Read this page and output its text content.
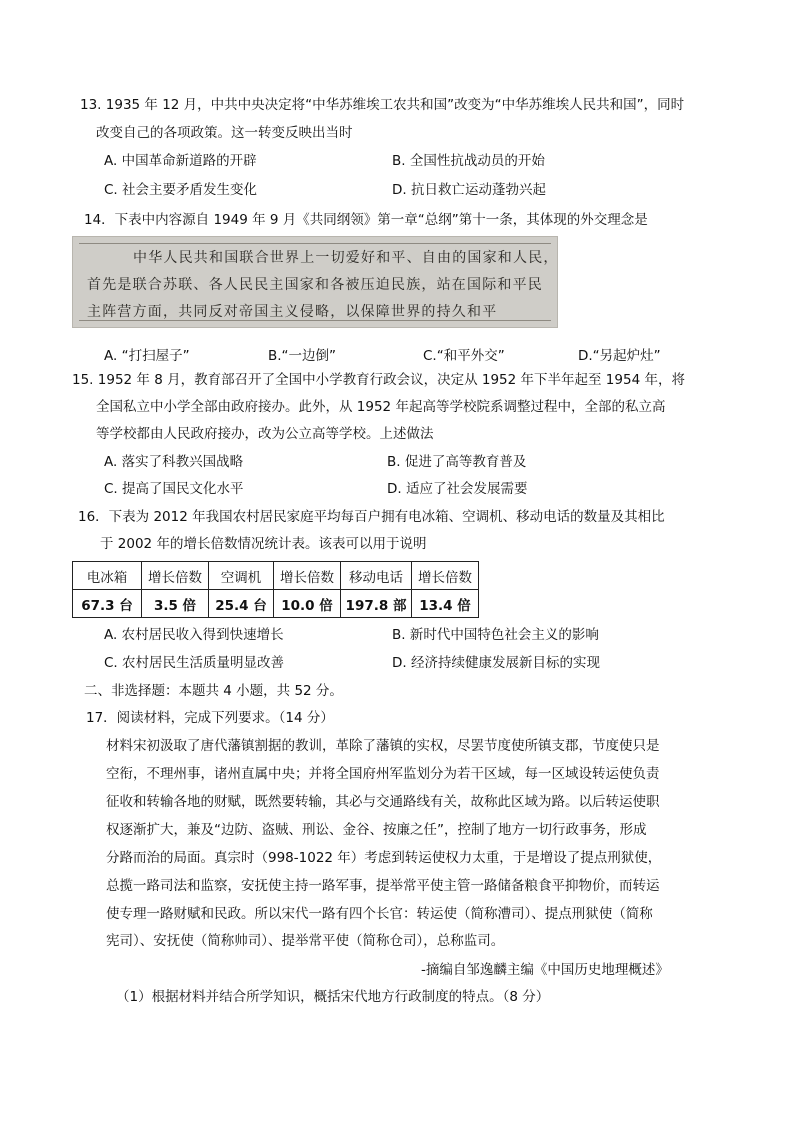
13. 1935 年 12 月，中共中央决定将“中华苏维埃工农共和国”改变为“中华苏维埃人民共和国”，同时
改变自己的各项政策。这一转变反映出当时
A. 中国革命新道路的开辟	B. 全国性抗战动员的开始
C. 社会主要矛盾发生变化	D. 抗日救亡运动蓬勃兴起
14．下表中内容源自 1949 年 9 月《共同纲领》第一章“总纲”第十一条，其体现的外交理念是
中华人民共和国联合世界上一切爱好和平、自由的国家和人民，
首先是联合苏联、各人民民主国家和各被压迫民族，站在国际和平民
主阵营方面，共同反对帝国主义侵略，以保障世界的持久和平
A. “打扫屋子”	B.“一边倒”	C.“和平外交”	D.“另起炉灶”
15. 1952 年 8 月，教育部召开了全国中小学教育行政会议，决定从 1952 年下半年起至 1954 年，将
全国私立中小学全部由政府接办。此外，从 1952 年起高等学校院系调整过程中，全部的私立高
等学校都由人民政府接办，改为公立高等学校。上述做法
A. 落实了科教兴国战略	B. 促进了高等教育普及
C. 提高了国民文化水平	D. 适应了社会发展需要
16．下表为 2012 年我国农村居民家庭平均每百户拥有电冰箱、空调机、移动电话的数量及其相比
于 2002 年的增长倍数情况统计表。该表可以用于说明
电冰箱	增长倍数	空调机	增长倍数	移动电话	增长倍数
67.3 台	3.5 倍	25.4 台	10.0 倍	197.8 部	13.4 倍
A. 农村居民收入得到快速增长	B. 新时代中国特色社会主义的影响
C. 农村居民生活质量明显改善	D. 经济持续健康发展新目标的实现
二、非选择题：本题共 4 小题，共 52 分。
17．阅读材料，完成下列要求。（14 分）
材料宋初汲取了唐代藩镇割据的教训，革除了藩镇的实权，尽罢节度使所镇支郡，节度使只是
空衔，不理州事，诸州直属中央；并将全国府州军监划分为若干区域，每一区域设转运使负责
征收和转输各地的财赋，既然要转输，其必与交通路线有关，故称此区域为路。以后转运使职
权逐渐扩大，兼及“边防、盗贼、刑讼、金谷、按廉之任”，控制了地方一切行政事务，形成
分路而治的局面。真宗时（998-1022 年）考虑到转运使权力太重，于是增设了提点刑狱使，
总揽一路司法和监察，安抚使主持一路军事，提举常平使主管一路储备粮食平抑物价，而转运
使专理一路财赋和民政。所以宋代一路有四个长官：转运使（简称漕司）、提点刑狱使（简称
宪司）、安抚使（简称帅司）、提举常平使（简称仓司），总称监司。
-摘编自邹逸麟主编《中国历史地理概述》
（1）根据材料并结合所学知识，概括宋代地方行政制度的特点。（8 分）
